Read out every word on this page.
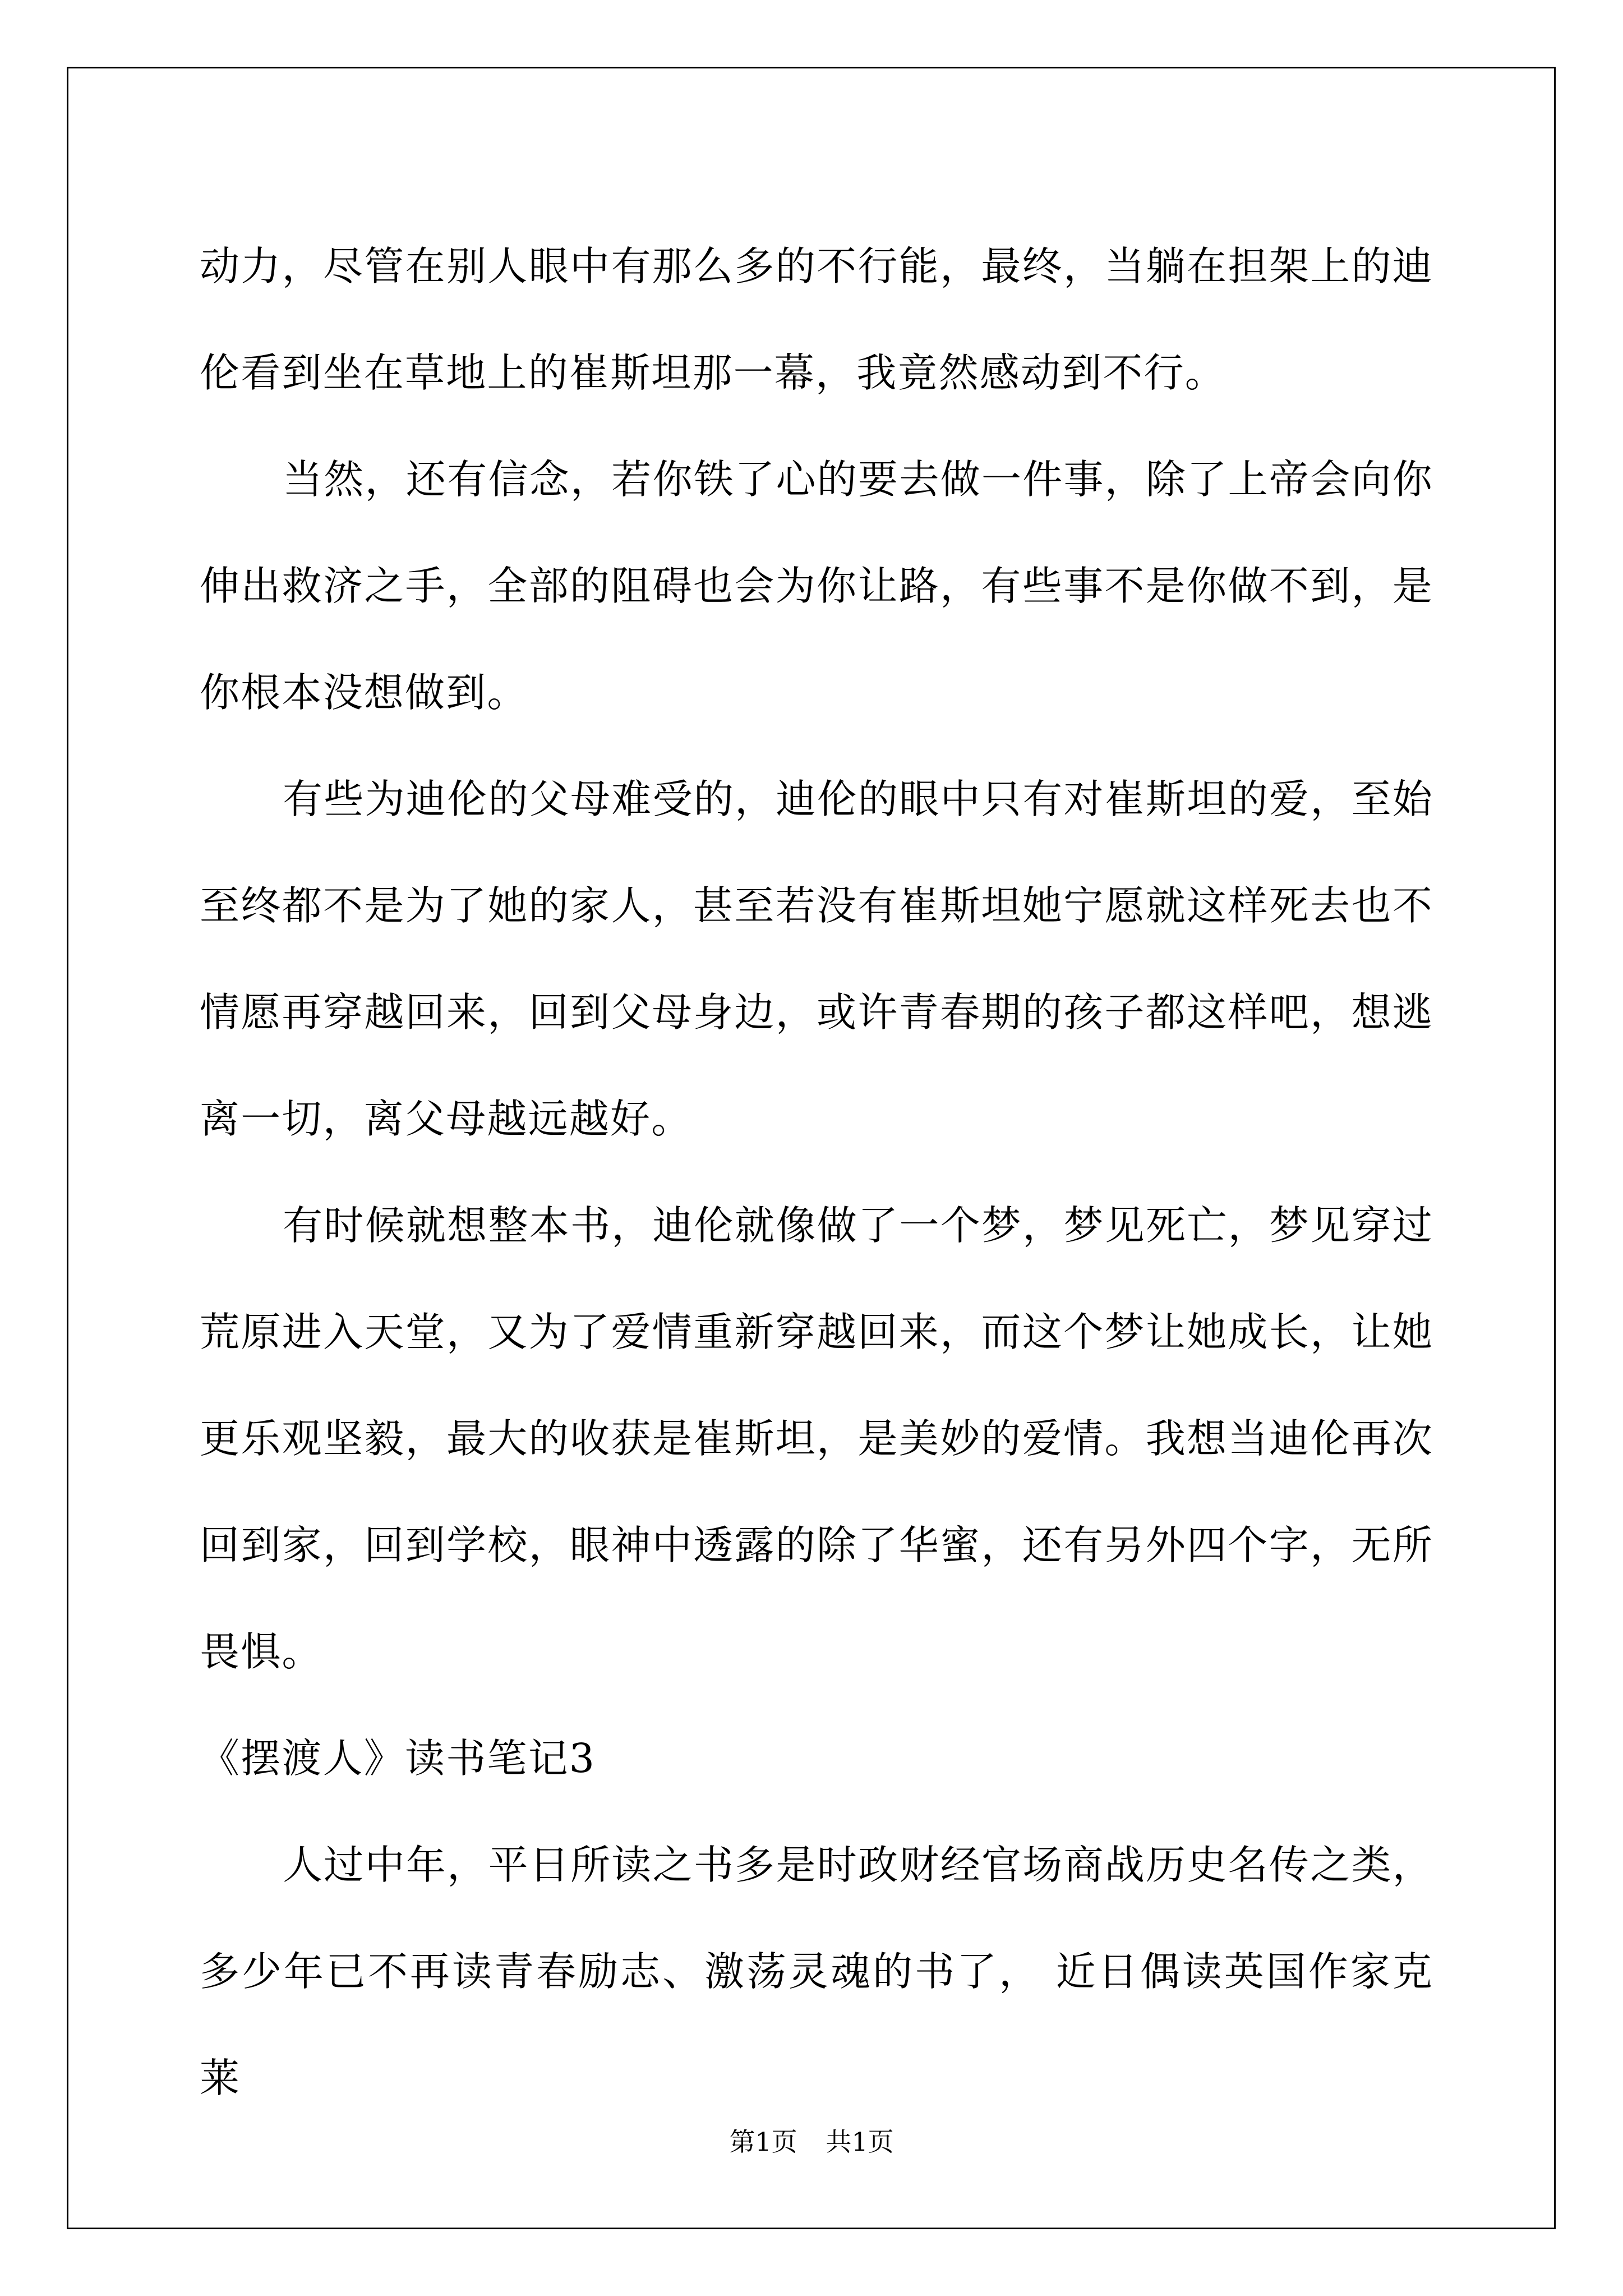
动力，尽管在别人眼中有那么多的不行能，最终，当躺在担架上的迪伦看到坐在草地上的崔斯坦那一幕，我竟然感动到不行。

当然，还有信念，若你铁了心的要去做一件事，除了上帝会向你伸出救济之手，全部的阻碍也会为你让路，有些事不是你做不到，是你根本没想做到。

有些为迪伦的父母难受的，迪伦的眼中只有对崔斯坦的爱，至始至终都不是为了她的家人，甚至若没有崔斯坦她宁愿就这样死去也不情愿再穿越回来，回到父母身边，或许青春期的孩子都这样吧，想逃离一切，离父母越远越好。

有时候就想整本书，迪伦就像做了一个梦，梦见死亡，梦见穿过荒原进入天堂，又为了爱情重新穿越回来，而这个梦让她成长，让她更乐观坚毅，最大的收获是崔斯坦，是美妙的爱情。我想当迪伦再次回到家，回到学校，眼神中透露的除了华蜜，还有另外四个字，无所畏惧。

《摆渡人》读书笔记3

人过中年，平日所读之书多是时政财经官场商战历史名传之类，多少年已不再读青春励志、激荡灵魂的书了， 近日偶读英国作家克莱

第1页 共1页
